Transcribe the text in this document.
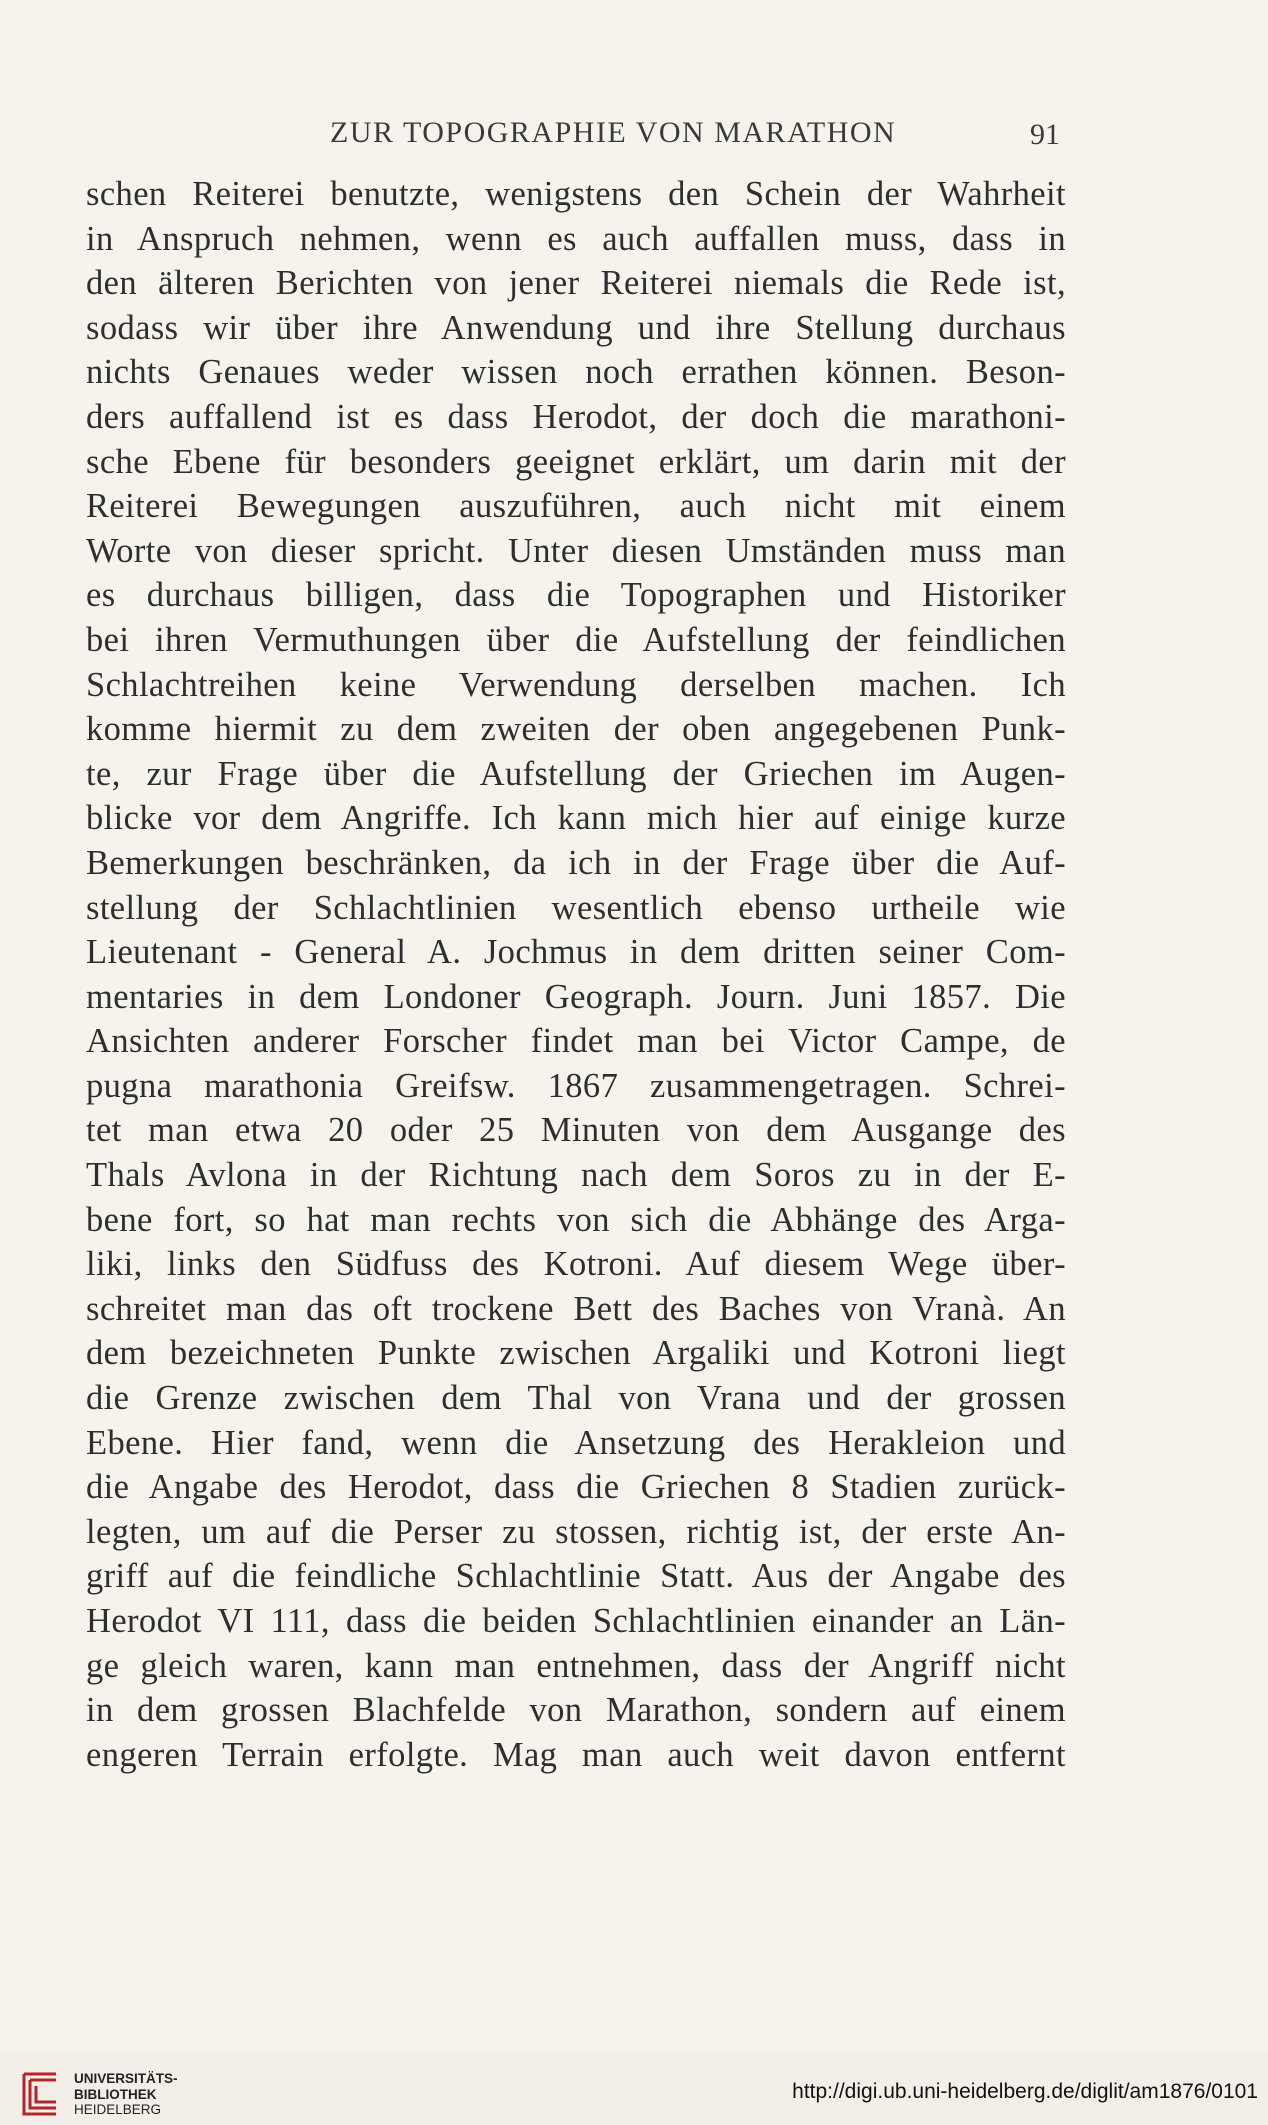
ZUR TOPOGRAPHIE VON MARATHON	91
schen Reiterei benutzte, wenigstens den Schein der Wahrheit
in Anspruch nehmen, wenn es auch auffallen muss, dass in
den älteren Berichten von jener Reiterei niemals die Rede ist,
sodass wir über ihre Anwendung und ihre Stellung durchaus
nichts Genaues weder wissen noch errathen können. Beson-
ders auffallend ist es dass Herodot, der doch die marathoni-
sche Ebene für besonders geeignet erklärt, um darin mit der
Reiterei Bewegungen auszuführen, auch nicht mit einem
Worte von dieser spricht. Unter diesen Umständen muss man
es durchaus billigen, dass die Topographen und Historiker
bei ihren Vermuthungen über die Aufstellung der feindlichen
Schlachtreihen keine Verwendung derselben machen. Ich
komme hiermit zu dem zweiten der oben angegebenen Punk-
te, zur Frage über die Aufstellung der Griechen im Augen-
blicke vor dem Angriffe. Ich kann mich hier auf einige kurze
Bemerkungen beschränken, da ich in der Frage über die Auf-
stellung der Schlachtlinien wesentlich ebenso urtheile wie
Lieutenant - General A. Jochmus in dem dritten seiner Com-
mentaries in dem Londoner Geograph. Journ. Juni 1857. Die
Ansichten anderer Forscher findet man bei Victor Campe, de
pugna marathonia Greifsw. 1867 zusammengetragen. Schrei-
tet man etwa 20 oder 25 Minuten von dem Ausgange des
Thals Avlona in der Richtung nach dem Soros zu in der E-
bene fort, so hat man rechts von sich die Abhänge des Arga-
liki, links den Südfuss des Kotroni. Auf diesem Wege über-
schreitet man das oft trockene Bett des Baches von Vranà. An
dem bezeichneten Punkte zwischen Argaliki und Kotroni liegt
die Grenze zwischen dem Thal von Vrana und der grossen
Ebene. Hier fand, wenn die Ansetzung des Herakleion und
die Angabe des Herodot, dass die Griechen 8 Stadien zurück-
legten, um auf die Perser zu stossen, richtig ist, der erste An-
griff auf die feindliche Schlachtlinie Statt. Aus der Angabe des
Herodot VI 111, dass die beiden Schlachtlinien einander an Län-
ge gleich waren, kann man entnehmen, dass der Angriff nicht
in dem grossen Blachfelde von Marathon, sondern auf einem
engeren Terrain erfolgte. Mag man auch weit davon entfernt
UNIVERSITÄTS-
BIBLIOTHEK
HEIDELBERG
http://digi.ub.uni-heidelberg.de/diglit/am1876/0101
